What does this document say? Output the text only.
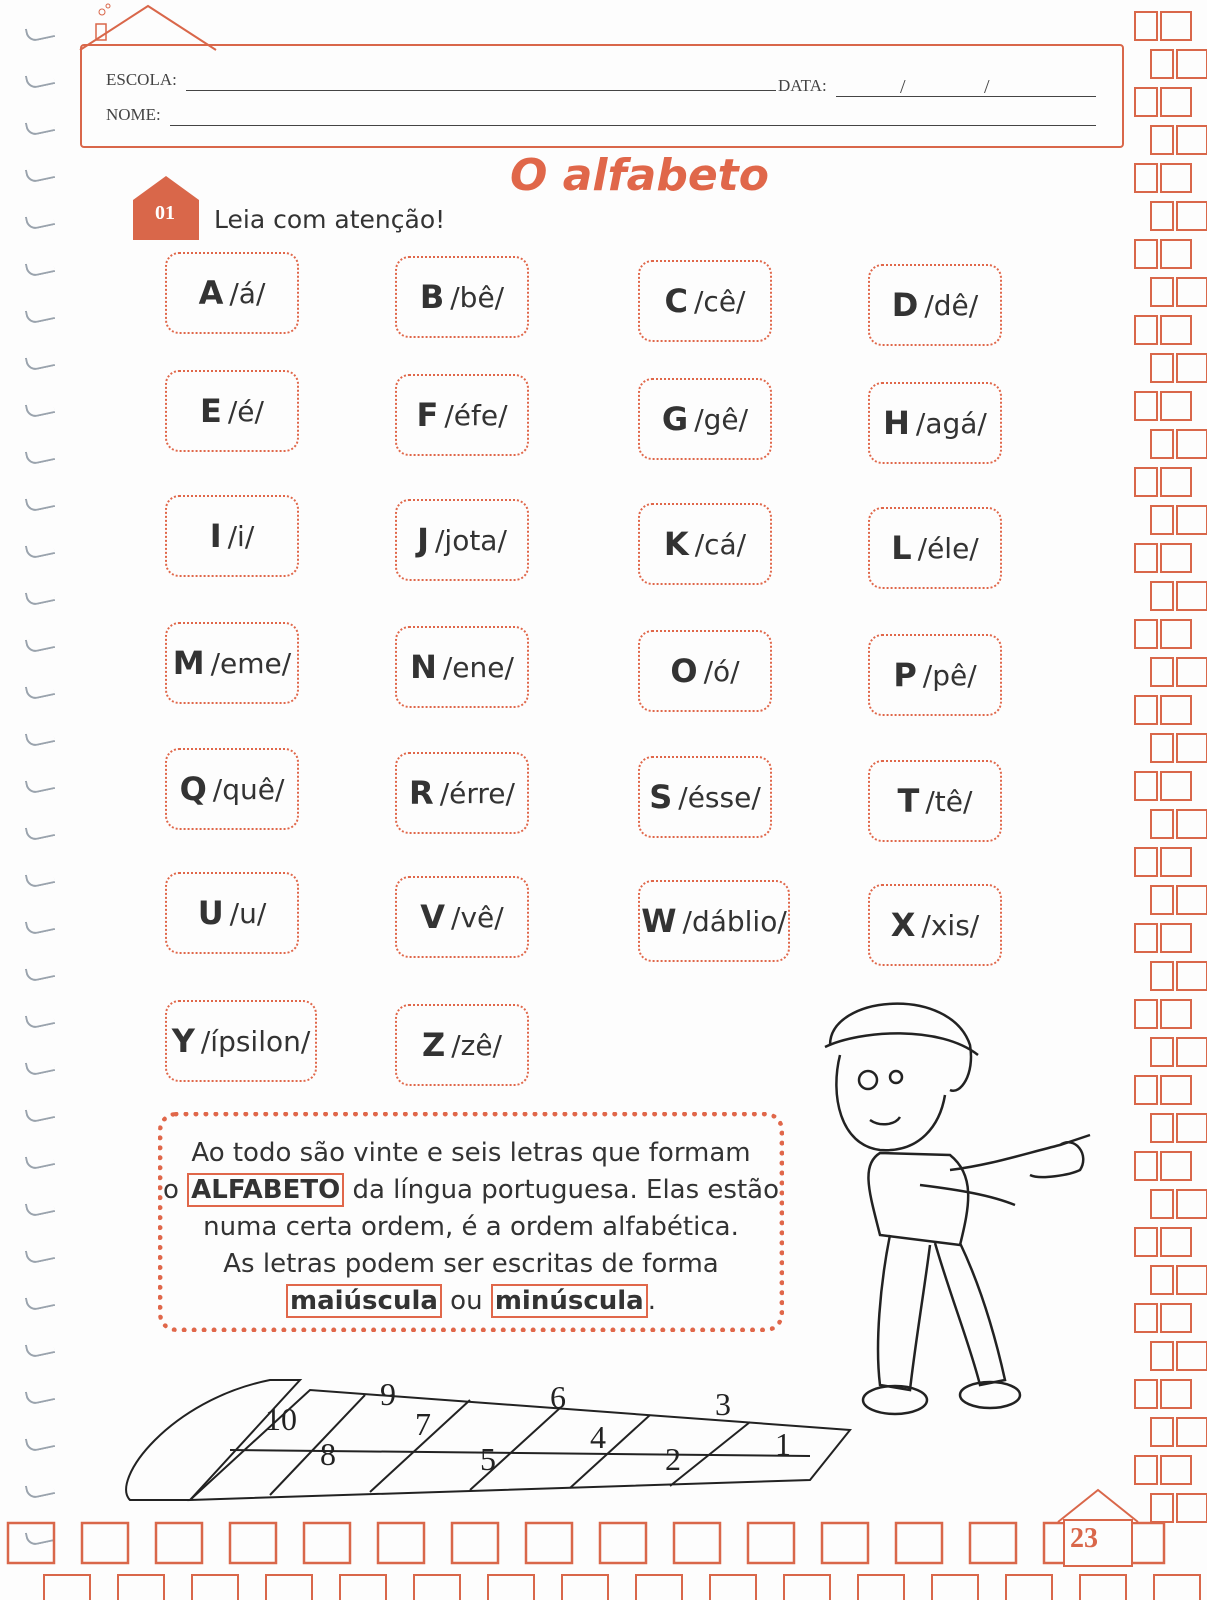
ESCOLA:	DATA:	/	/
NOME:
O alfabeto
01	Leia com atenção!
A /á/	B /bê/	C /cê/	D /dê/
E /é/	F /éfe/	G /gê/	H /agá/
I /i/	J /jota/	K /cá/	L /éle/
M /eme/	N /ene/	O /ó/	P /pê/
Q /quê/	R /érre/	S /ésse/	T /tê/
U /u/	V /vê/	W /dáblio/	X /xis/
Y /ípsilon/	Z /zê/
Ao todo são vinte e seis letras que formam
o ALFABETO da língua portuguesa. Elas estão
numa certa ordem, é a ordem alfabética.
As letras podem ser escritas de forma
maiúscula ou minúscula .
1
2
3
4
5
6
7
8
9
10
23
